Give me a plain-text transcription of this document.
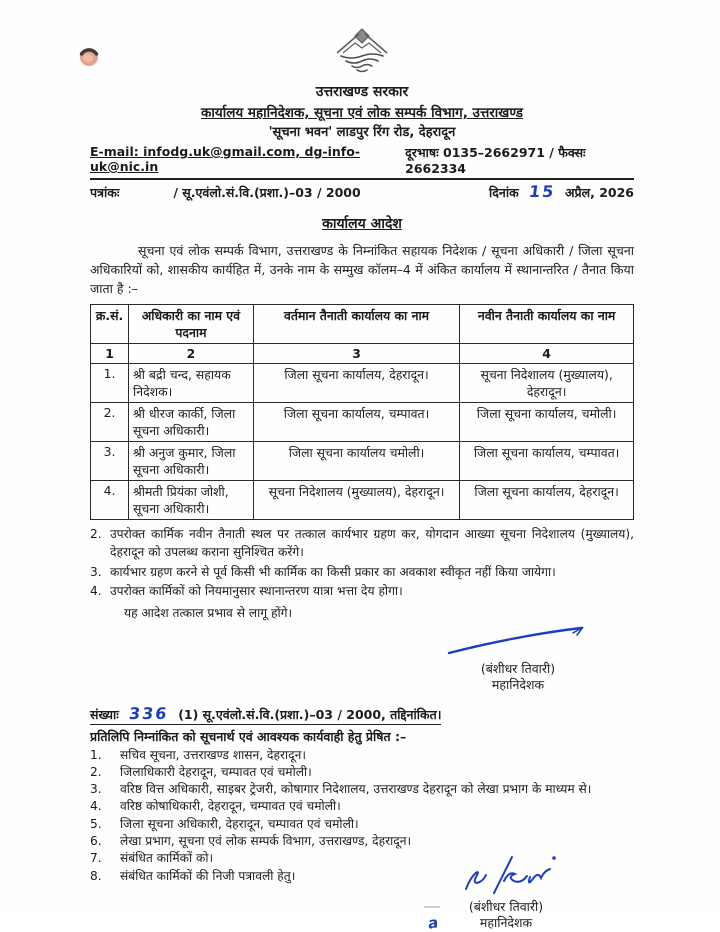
उत्तराखण्ड सरकार
कार्यालय महानिदेशक, सूचना एवं लोक सम्पर्क विभाग, उत्तराखण्ड
'सूचना भवन' लाडपुर रिंग रोड, देहरादून
E-mail: infodg.uk@gmail.com, dg-info-uk@nic.in
दूरभाषः 0135–2662971 / फैक्सः 2662334
पत्रांकः	/ सू.एवंलो.सं.वि.(प्रशा.)–03 / 2000	दिनांक 15 अप्रैल, 2026
कार्यालय आदेश
सूचना एवं लोक सम्पर्क विभाग, उत्तराखण्ड के निम्नांकित सहायक निदेशक / सूचना अधिकारी / जिला सूचना अधिकारियों को, शासकीय कार्यहित में, उनके नाम के सम्मुख कॉलम–4 में अंकित कार्यालय में स्थानान्तरित / तैनात किया जाता है :–
क्र.सं.	अधिकारी का नाम एवं पदनाम	वर्तमान तैनाती कार्यालय का नाम	नवीन तैनाती कार्यालय का नाम
1	2	3	4
1.	श्री बद्री चन्द, सहायक निदेशक।	जिला सूचना कार्यालय, देहरादून।	सूचना निदेशालय (मुख्यालय), देहरादून।
2.	श्री धीरज कार्की, जिला सूचना अधिकारी।	जिला सूचना कार्यालय, चम्पावत।	जिला सूचना कार्यालय, चमोली।
3.	श्री अनुज कुमार, जिला सूचना अधिकारी।	जिला सूचना कार्यालय चमोली।	जिला सूचना कार्यालय, चम्पावत।
4.	श्रीमती प्रियंका जोशी, सूचना अधिकारी।	सूचना निदेशालय (मुख्यालय), देहरादून।	जिला सूचना कार्यालय, देहरादून।
2. उपरोक्त कार्मिक नवीन तैनाती स्थल पर तत्काल कार्यभार ग्रहण कर, योगदान आख्या सूचना निदेशालय (मुख्यालय), देहरादून को उपलब्ध कराना सुनिश्चित करेंगे।
3. कार्यभार ग्रहण करने से पूर्व किसी भी कार्मिक का किसी प्रकार का अवकाश स्वीकृत नहीं किया जायेगा।
4. उपरोक्त कार्मिकों को नियमानुसार स्थानान्तरण यात्रा भत्ता देय होगा।
यह आदेश तत्काल प्रभाव से लागू होंगे।
(बंशीधर तिवारी)
महानिदेशक
संख्याः 336 (1) सू.एवंलो.सं.वि.(प्रशा.)–03 / 2000, तद्दिनांकित।
प्रतिलिपि निम्नांकित को सूचनार्थ एवं आवश्यक कार्यवाही हेतु प्रेषित :–
1.	सचिव सूचना, उत्तराखण्ड शासन, देहरादून।
2.	जिलाधिकारी देहरादून, चम्पावत एवं चमोली।
3.	वरिष्ठ वित्त अधिकारी, साइबर ट्रेजरी, कोषागार निदेशालय, उत्तराखण्ड देहरादून को लेखा प्रभाग के माध्यम से।
4.	वरिष्ठ कोषाधिकारी, देहरादून, चम्पावत एवं चमोली।
5.	जिला सूचना अधिकारी, देहरादून, चम्पावत एवं चमोली।
6.	लेखा प्रभाग, सूचना एवं लोक सम्पर्क विभाग, उत्तराखण्ड, देहरादून।
7.	संबंधित कार्मिकों को।
8.	संबंधित कार्मिकों की निजी पत्रावली हेतु।
(बंशीधर तिवारी)
महानिदेशक
a
